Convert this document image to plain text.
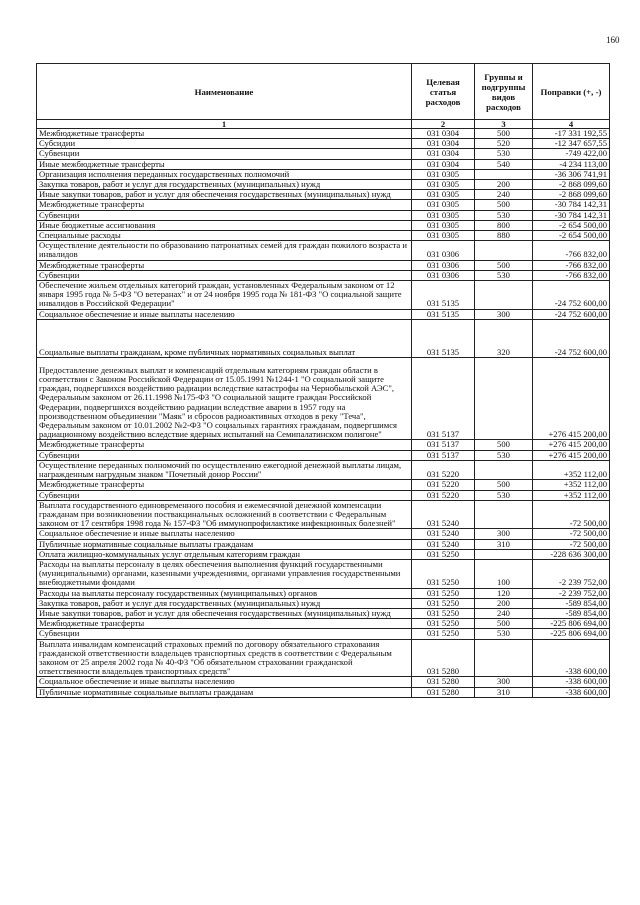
160
Наименование	Целевая статья расходов	Группы и подгруппы видов расходов	Поправки (+, -)
1	2	3	4
Межбюджетные трансферты	031 0304	500	-17 331 192,55
Субсидии	031 0304	520	-12 347 657,55
Субвенции	031 0304	530	-749 422,00
Иные межбюджетные трансферты	031 0304	540	-4 234 113,00
Организация исполнения переданных государственных полномочий	031 0305		-36 306 741,91
Закупка товаров, работ и услуг для государственных (муниципальных) нужд	031 0305	200	-2 868 099,60
Иные закупки товаров, работ и услуг для обеспечения государственных (муниципальных) нужд	031 0305	240	-2 868 099,60
Межбюджетные трансферты	031 0305	500	-30 784 142,31
Субвенции	031 0305	530	-30 784 142,31
Иные бюджетные ассигнования	031 0305	800	-2 654 500,00
Специальные расходы	031 0305	880	-2 654 500,00
Осуществление деятельности по образованию патронатных семей для граждан пожилого возраста и инвалидов	031 0306		-766 832,00
Межбюджетные трансферты	031 0306	500	-766 832,00
Субвенции	031 0306	530	-766 832,00
Обеспечение жильем отдельных категорий граждан, установленных Федеральным законом от 12 января 1995 года № 5-ФЗ "О ветеранах" и от 24 ноября 1995 года № 181-ФЗ "О социальной защите инвалидов в Российской Федерации"	031 5135		-24 752 600,00
Социальное обеспечение и иные выплаты населению	031 5135	300	-24 752 600,00
Социальные выплаты гражданам, кроме публичных нормативных социальных выплат	031 5135	320	-24 752 600,00
Предоставление денежных выплат и компенсаций отдельным категориям граждан области в соответствии с Законом Российской Федерации от 15.05.1991 №1244-1 "О социальной защите граждан, подвергшихся воздействию радиации вследствие катастрофы на Чернобыльской АЭС", Федеральным законом от 26.11.1998 №175-ФЗ "О социальной защите граждан Российской Федерации, подвергшихся воздействию радиации вследствие аварии в 1957 году на производственном объединении "Маяк" и сбросов радиоактивных отходов в реку "Теча", Федеральным законом от 10.01.2002 №2-ФЗ "О социальных гарантиях гражданам, подвергшимся радиационному воздействию вследствие ядерных испытаний на Семипалатинском полигоне"	031 5137		+276 415 200,00
Межбюджетные трансферты	031 5137	500	+276 415 200,00
Субвенции	031 5137	530	+276 415 200,00
Осуществление переданных полномочий по осуществлению ежегодной денежной выплаты лицам, награжденным нагрудным знаком "Почетный донор России"	031 5220		+352 112,00
Межбюджетные трансферты	031 5220	500	+352 112,00
Субвенции	031 5220	530	+352 112,00
Выплата государственного единовременного пособия и ежемесячной денежной компенсации гражданам при возникновении поствакцинальных осложнений в соответствии с Федеральным законом от 17 сентября 1998 года № 157-ФЗ "Об иммунопрофилактике инфекционных болезней"	031 5240		-72 500,00
Социальное обеспечение и иные выплаты населению	031 5240	300	-72 500,00
Публичные нормативные социальные выплаты гражданам	031 5240	310	-72 500,00
Оплата жилищно-коммунальных услуг отдельным категориям граждан	031 5250		-228 636 300,00
Расходы на выплаты персоналу в целях обеспечения выполнения функций государственными (муниципальными) органами, казенными учреждениями, органами управления государственными внебюджетными фондами	031 5250	100	-2 239 752,00
Расходы на выплаты персоналу государственных (муниципальных) органов	031 5250	120	-2 239 752,00
Закупка товаров, работ и услуг для государственных (муниципальных) нужд	031 5250	200	-589 854,00
Иные закупки товаров, работ и услуг для обеспечения государственных (муниципальных) нужд	031 5250	240	-589 854,00
Межбюджетные трансферты	031 5250	500	-225 806 694,00
Субвенции	031 5250	530	-225 806 694,00
Выплата инвалидам компенсаций страховых премий по договору обязательного страхования гражданской ответственности владельцев транспортных средств в соответствии с Федеральным законом от 25 апреля 2002 года № 40-ФЗ "Об обязательном страховании гражданской ответственности владельцев транспортных средств"	031 5280		-338 600,00
Социальное обеспечение и иные выплаты населению	031 5280	300	-338 600,00
Публичные нормативные социальные выплаты гражданам	031 5280	310	-338 600,00
